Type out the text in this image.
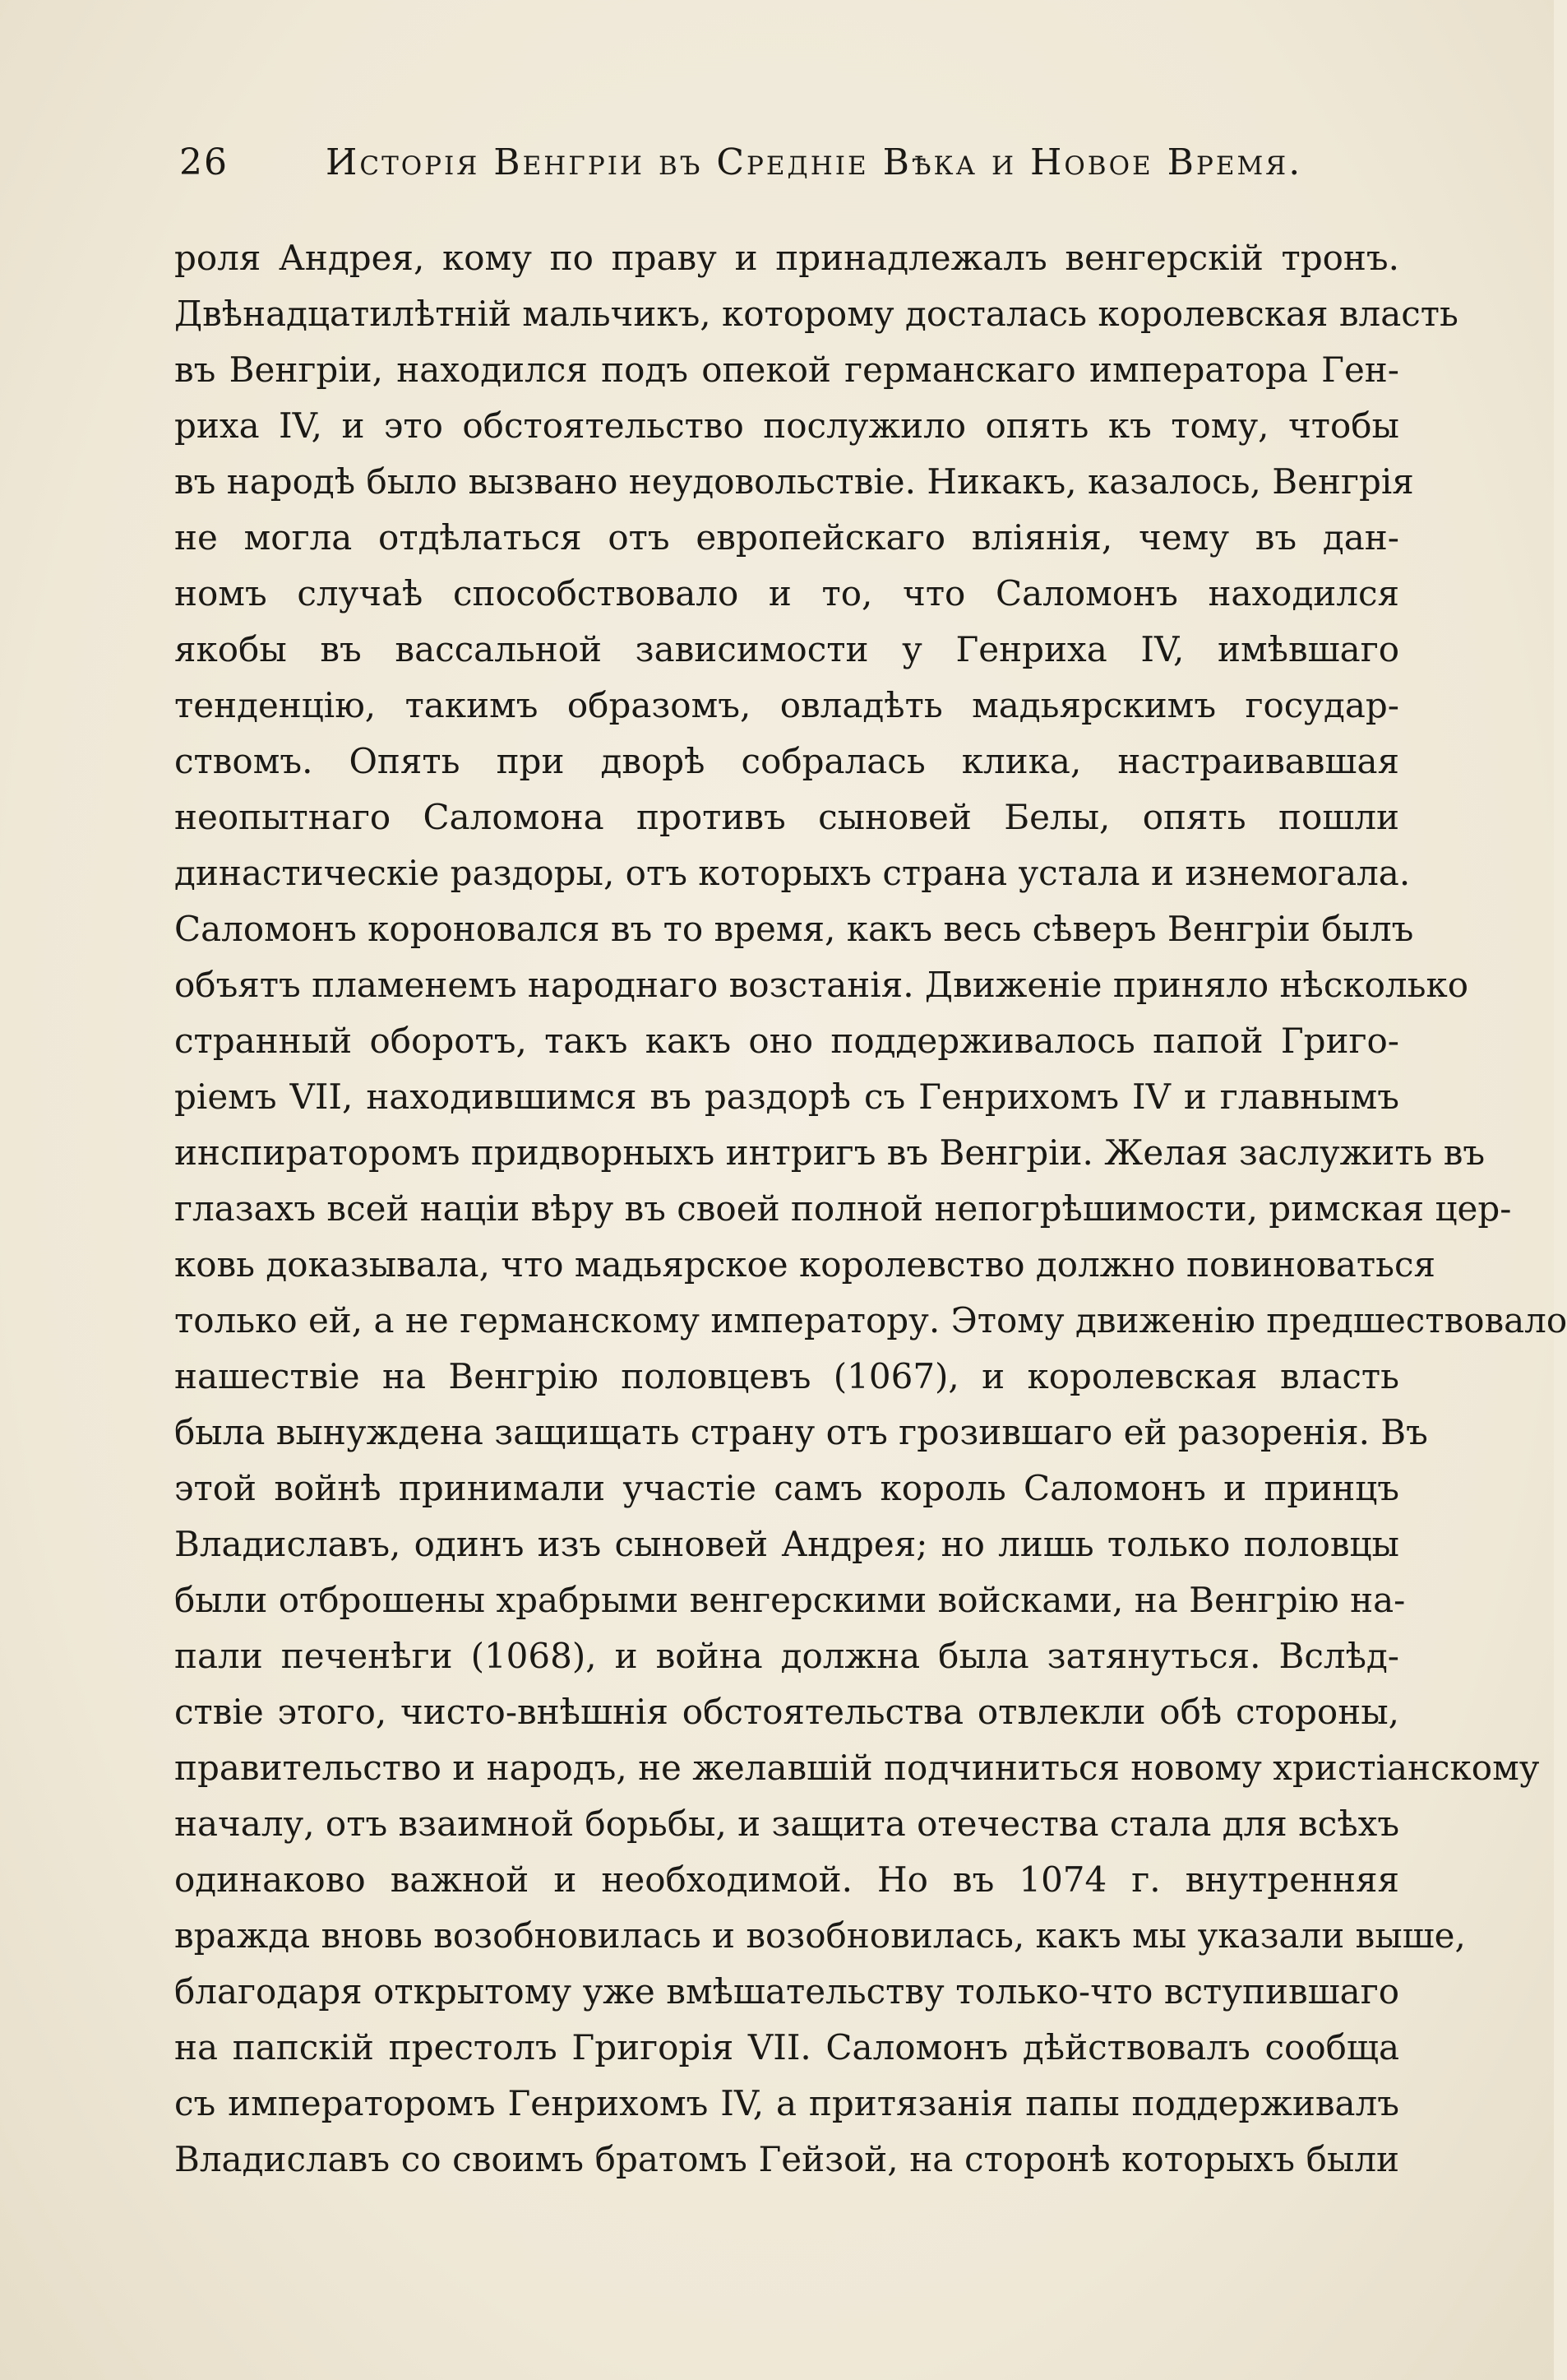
26	Исторія Венгріи въ Средніе Вѣка и Новое Время.
роля Андрея, кому по праву и принадлежалъ венгерскій тронъ.
Двѣнадцатилѣтній мальчикъ, которому досталась королевская власть
въ Венгріи, находился подъ опекой германскаго императора Ген-
риха IV, и это обстоятельство послужило опять къ тому, чтобы
въ народѣ было вызвано неудовольствіе. Никакъ, казалось, Венгрія
не могла отдѣлаться отъ европейскаго вліянія, чему въ дан-
номъ случаѣ способствовало и то, что Саломонъ находился
якобы въ вассальной зависимости у Генриха IV, имѣвшаго
тенденцію, такимъ образомъ, овладѣть мадьярскимъ государ-
ствомъ. Опять при дворѣ собралась клика, настраивавшая
неопытнаго Саломона противъ сыновей Белы, опять пошли
династическіе раздоры, отъ которыхъ страна устала и изнемогала.
Саломонъ короновался въ то время, какъ весь сѣверъ Венгріи былъ
объятъ пламенемъ народнаго возстанія. Движеніе приняло нѣсколько
странный оборотъ, такъ какъ оно поддерживалось папой Григо-
ріемъ VII, находившимся въ раздорѣ съ Генрихомъ IV и главнымъ
инспираторомъ придворныхъ интригъ въ Венгріи. Желая заслужить въ
глазахъ всей націи вѣру въ своей полной непогрѣшимости, римская цер-
ковь доказывала, что мадьярское королевство должно повиноваться
только ей, а не германскому императору. Этому движенію предшествовало
нашествіе на Венгрію половцевъ (1067), и королевская власть
была вынуждена защищать страну отъ грозившаго ей разоренія. Въ
этой войнѣ принимали участіе самъ король Саломонъ и принцъ
Владиславъ, одинъ изъ сыновей Андрея; но лишь только половцы
были отброшены храбрыми венгерскими войсками, на Венгрію на-
пали печенѣги (1068), и война должна была затянуться. Вслѣд-
ствіе этого, чисто-внѣшнія обстоятельства отвлекли обѣ стороны,
правительство и народъ, не желавшій подчиниться новому христіанскому
началу, отъ взаимной борьбы, и защита отечества стала для всѣхъ
одинаково важной и необходимой. Но въ 1074 г. внутренняя
вражда вновь возобновилась и возобновилась, какъ мы указали выше,
благодаря открытому уже вмѣшательству только-что вступившаго
на папскій престолъ Григорія VII. Саломонъ дѣйствовалъ сообща
съ императоромъ Генрихомъ IV, а притязанія папы поддерживалъ
Владиславъ со своимъ братомъ Гейзой, на сторонѣ которыхъ были
